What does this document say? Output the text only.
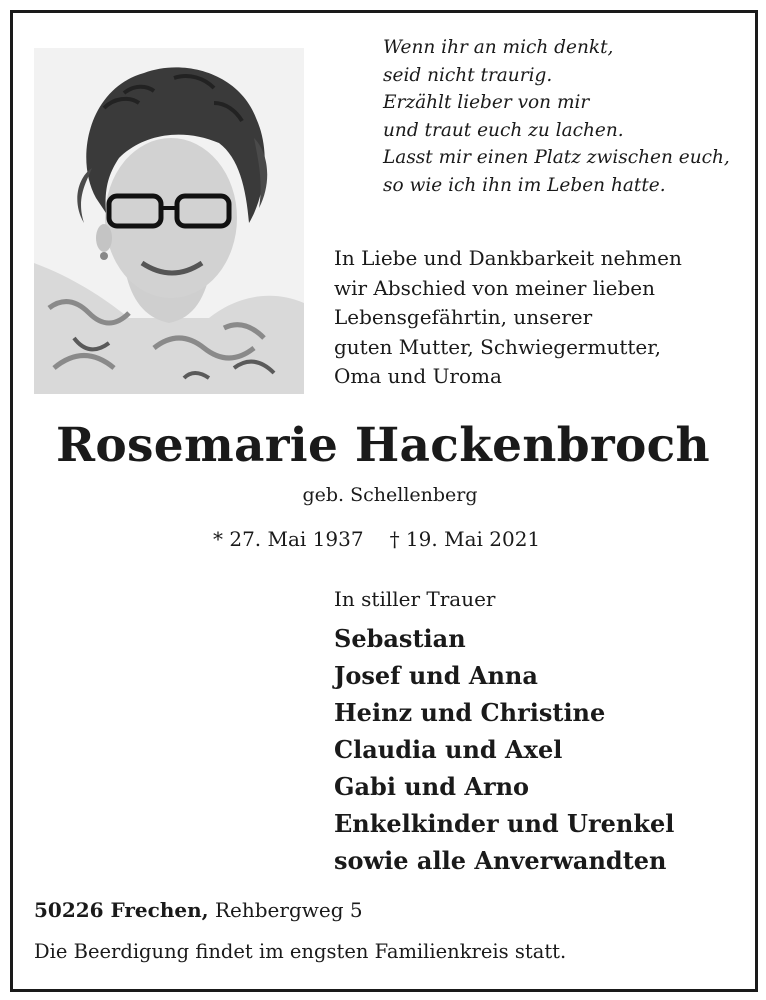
Wenn ihr an mich denkt,
seid nicht traurig.
Erzählt lieber von mir
und traut euch zu lachen.
Lasst mir einen Platz zwischen euch,
so wie ich ihn im Leben hatte.
In Liebe und Dankbarkeit nehmen
wir Abschied von meiner lieben
Lebensgefährtin, unserer
guten Mutter, Schwiegermutter,
Oma und Uroma
Rosemarie Hackenbroch
geb. Schellenberg
* 27. Mai 1937 † 19. Mai 2021
In stiller Trauer
Sebastian
Josef und Anna
Heinz und Christine
Claudia und Axel
Gabi und Arno
Enkelkinder und Urenkel
sowie alle Anverwandten
50226 Frechen, Rehbergweg 5
Die Beerdigung findet im engsten Familienkreis statt.
